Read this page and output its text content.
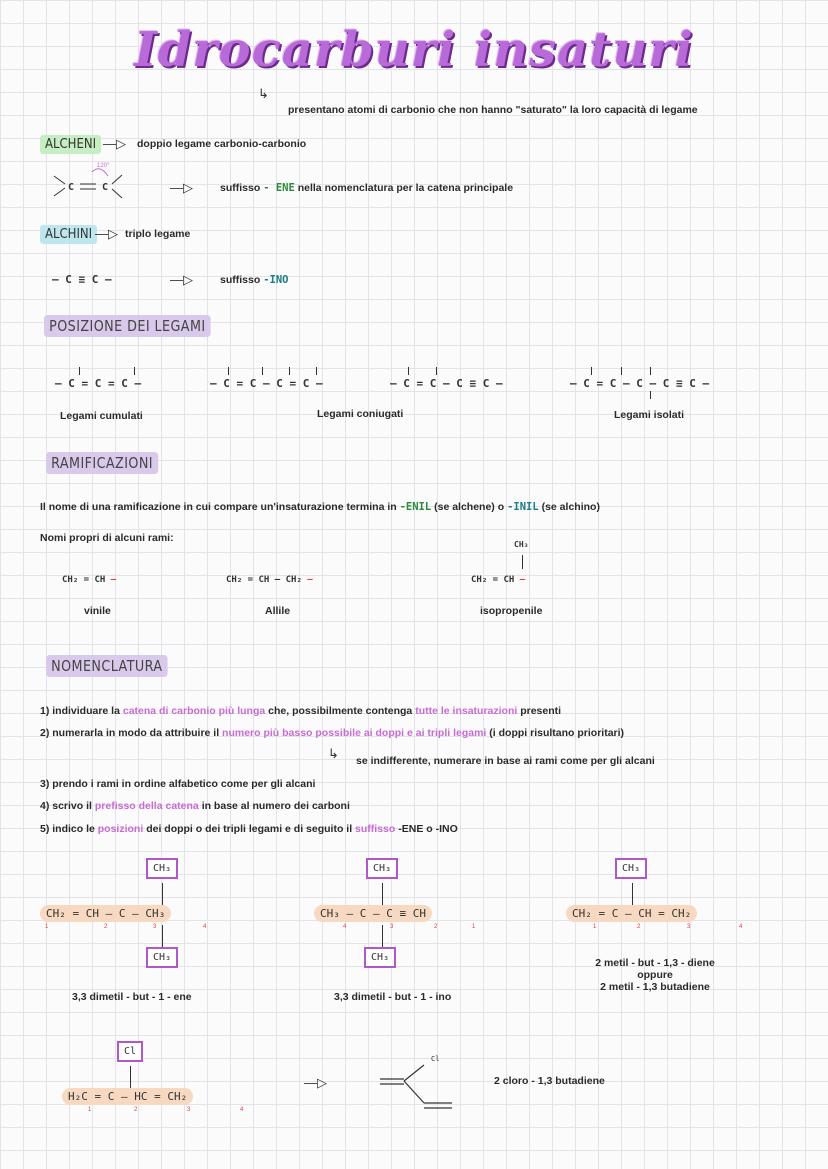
Idrocarburi insaturi
↳
presentano atomi di carbonio che non hanno "saturato" la loro capacità di legame
ALCHENI —▷ doppio legame carbonio-carbonio
C	C
120°
—▷	suffisso - ENE nella nomenclatura per la catena principale
ALCHINI —▷ triplo legame
— C ≡ C —	—▷	suffisso -INO
POSIZIONE DEI LEGAMI
— C = C = C —	— C = C — C = C —	— C = C — C ≡ C —	— C = C — C — C ≡ C —
Legami cumulati	Legami coniugati	Legami isolati
RAMIFICAZIONI
Il nome di una ramificazione in cui compare un'insaturazione termina in -ENIL (se alchene) o -INIL (se alchino)
Nomi propri di alcuni rami:
CH₂ = CH —	CH₂ = CH — CH₂ —
CH₃
CH₂ = CH —
vinile	Allile	isopropenile
NOMENCLATURA
1) individuare la catena di carbonio più lunga che, possibilmente contenga tutte le insaturazioni presenti
2) numerarla in modo da attribuire il numero più basso possibile ai doppi e ai tripli legami (i doppi risultano prioritari)
↳ se indifferente, numerare in base ai rami come per gli alcani
3) prendo i rami in ordine alfabetico come per gli alcani
4) scrivo il prefisso della catena in base al numero dei carboni
5) indico le posizioni dei doppi o dei tripli legami e di seguito il suffisso -ENE o -INO
CH₃
CH₂ = CH — C — CH₃
CH₃
1	2	3	4
3,3 dimetil - but - 1 - ene
CH₃
CH₃ — C — C ≡ CH
CH₃
4	3	2	1
3,3 dimetil - but - 1 - ino
CH₃
CH₂ = C — CH = CH₂
1	2	3	4
2 metil - but - 1,3 - diene
oppure
2 metil - 1,3 butadiene
Cl
H₂C = C — HC = CH₂
1	2	3	4
—▷
Cl
2 cloro - 1,3 butadiene
